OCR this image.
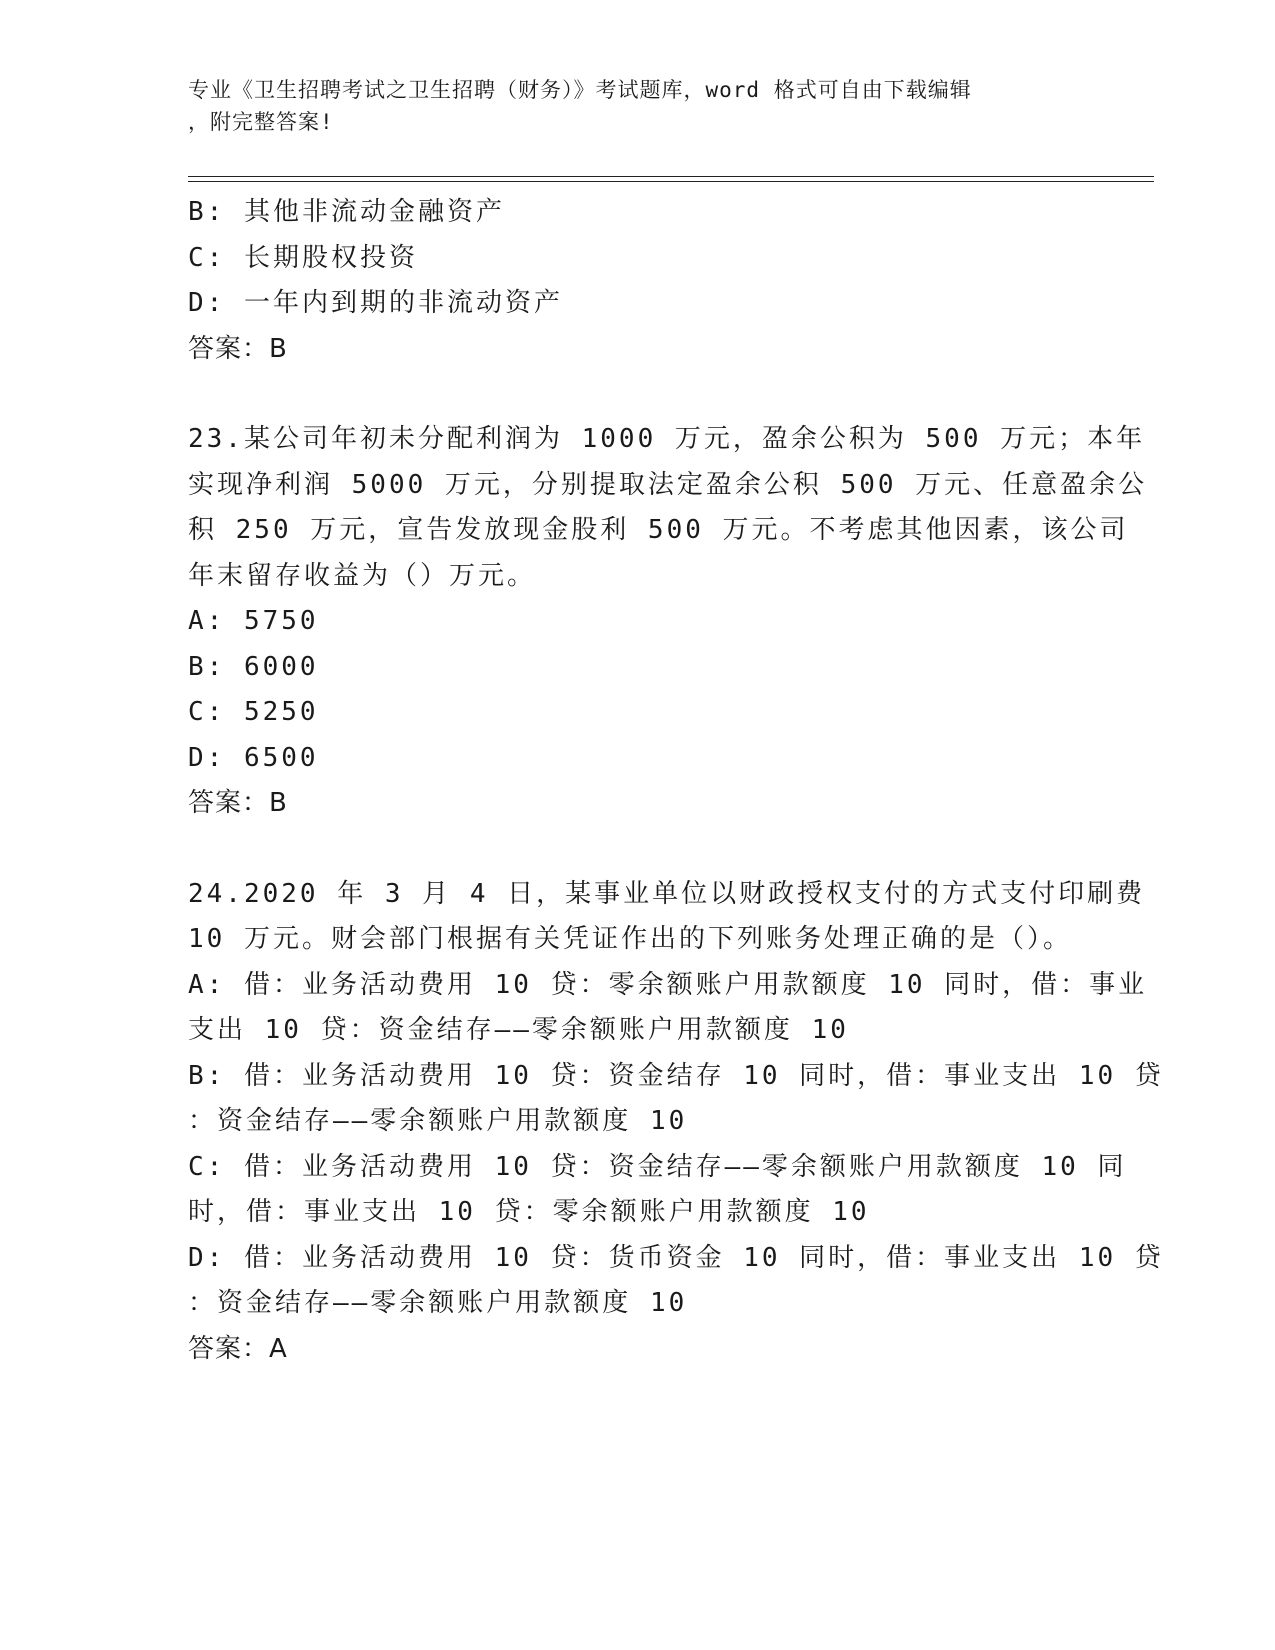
专业《卫生招聘考试之卫生招聘（财务）》考试题库，word 格式可自由下载编辑
，附完整答案!
B: 其他非流动金融资产
C: 长期股权投资
D: 一年内到期的非流动资产
答案：B
23.某公司年初未分配利润为 1000 万元，盈余公积为 500 万元；本年
实现净利润 5000 万元，分别提取法定盈余公积 500 万元、任意盈余公
积 250 万元，宣告发放现金股利 500 万元。不考虑其他因素，该公司
年末留存收益为（）万元。
A: 5750
B: 6000
C: 5250
D: 6500
答案：B
24.2020 年 3 月 4 日，某事业单位以财政授权支付的方式支付印刷费
10 万元。财会部门根据有关凭证作出的下列账务处理正确的是（）。
A: 借：业务活动费用 10 贷：零余额账户用款额度 10 同时，借：事业
支出 10 贷：资金结存——零余额账户用款额度 10
B: 借：业务活动费用 10 贷：资金结存 10 同时，借：事业支出 10 贷
：资金结存——零余额账户用款额度 10
C: 借：业务活动费用 10 贷：资金结存——零余额账户用款额度 10 同
时，借：事业支出 10 贷：零余额账户用款额度 10
D: 借：业务活动费用 10 贷：货币资金 10 同时，借：事业支出 10 贷
：资金结存——零余额账户用款额度 10
答案：A
